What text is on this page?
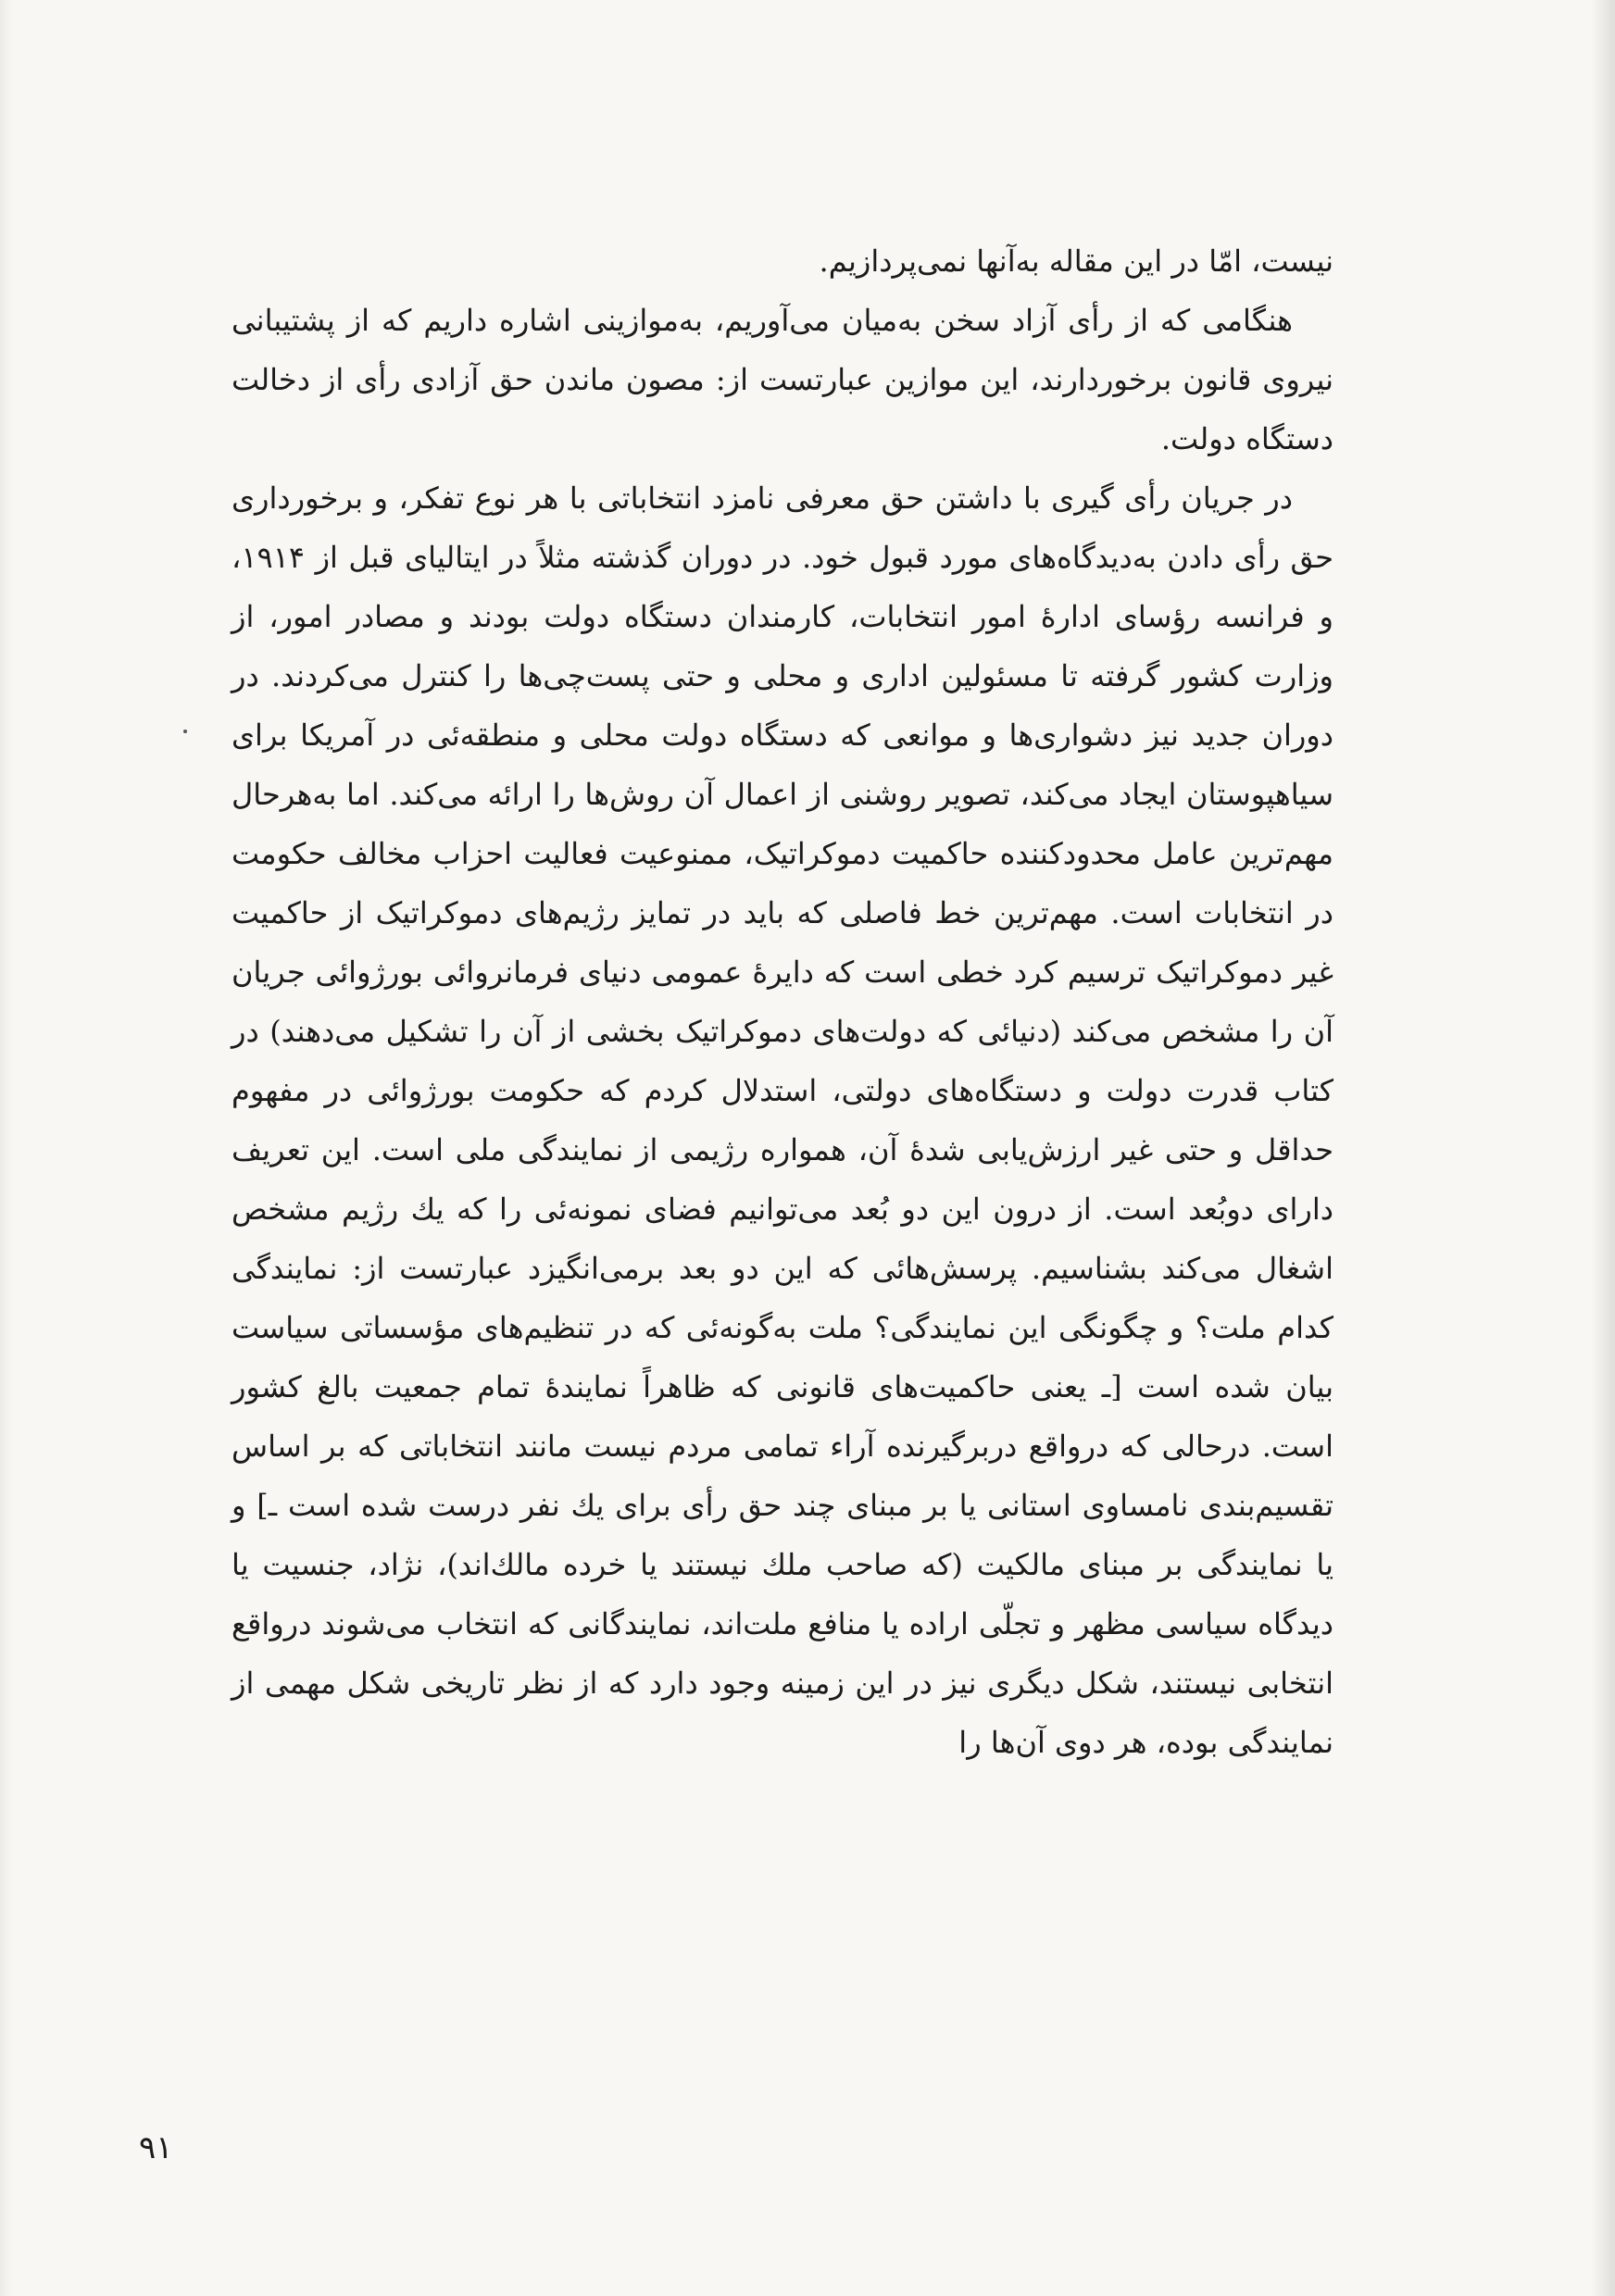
نیست، امّا در این مقاله به‌آنها نمی‌پردازیم.

هنگامی که از رأی آزاد سخن به‌میان می‌آوریم، به‌موازینی اشاره داریم که از پشتیبانی نیروی قانون برخوردارند، این موازین عبارتست از: مصون ماندن حق آزادی رأی از دخالت دستگاه دولت.

در جریان رأی گیری با داشتن حق معرفی نامزد انتخاباتی با هر نوع تفکر، و برخورداری حق رأی دادن به‌دیدگاه‌های مورد قبول خود. در دوران گذشته مثلاً در ایتالیای قبل از ۱۹۱۴، و فرانسه رؤسای ادارهٔ امور انتخابات، کارمندان دستگاه دولت بودند و مصادر امور، از وزارت کشور گرفته تا مسئولین اداری و محلی و حتی پست‌چی‌ها را کنترل می‌کردند. در دوران جدید نیز دشواری‌ها و موانعی که دستگاه دولت محلی و منطقه‌ئی در آمریکا برای سیاهپوستان ایجاد می‌کند، تصویر روشنی از اعمال آن روش‌ها را ارائه می‌کند. اما به‌هرحال مهم‌ترین عامل محدودکننده حاکمیت دموکراتیک، ممنوعیت فعالیت احزاب مخالف حکومت در انتخابات است. مهم‌ترین خط فاصلی که باید در تمایز رژیم‌های دموکراتیک از حاکمیت غیر دموکراتیک ترسیم کرد خطی است که دایرهٔ عمومی دنیای فرمانروائی بورژوائی جریان آن را مشخص می‌کند (دنیائی که دولت‌های دموکراتیک بخشی از آن را تشکیل می‌دهند) در کتاب قدرت دولت و دستگاه‌های دولتی، استدلال کردم که حکومت بورژوائی در مفهوم حداقل و حتی غیر ارزش‌یابی شدهٔ آن، همواره رژیمی از نمایندگی ملی است. این تعریف دارای دوبُعد است. از درون این دو بُعد می‌توانیم فضای نمونه‌ئی را که یك رژیم مشخص اشغال می‌کند بشناسیم. پرسش‌هائی که این دو بعد برمی‌انگیزد عبارتست از: نمایندگی کدام ملت؟ و چگونگی این نمایندگی؟ ملت به‌گونه‌ئی که در تنظیم‌های مؤسساتی سیاست بیان شده است [ـ یعنی حاکمیت‌های قانونی که ظاهراً نمایندهٔ تمام جمعیت بالغ کشور است. درحالی که درواقع دربرگیرنده آراء تمامی مردم نیست مانند انتخاباتی که بر اساس تقسیم‌بندی نامساوی استانی یا بر مبنای چند حق رأی برای یك نفر درست شده است ـ] و یا نمایندگی بر مبنای مالکیت (که صاحب ملك نیستند یا خرده مالك‌اند)، نژاد، جنسیت یا دیدگاه سیاسی مظهر و تجلّی اراده یا منافع ملت‌اند، نمایندگانی که انتخاب می‌شوند درواقع انتخابی نیستند، شکل دیگری نیز در این زمینه وجود دارد که از نظر تاریخی شکل مهمی از نمایندگی بوده، هر دوی آن‌ها را

۹۱
